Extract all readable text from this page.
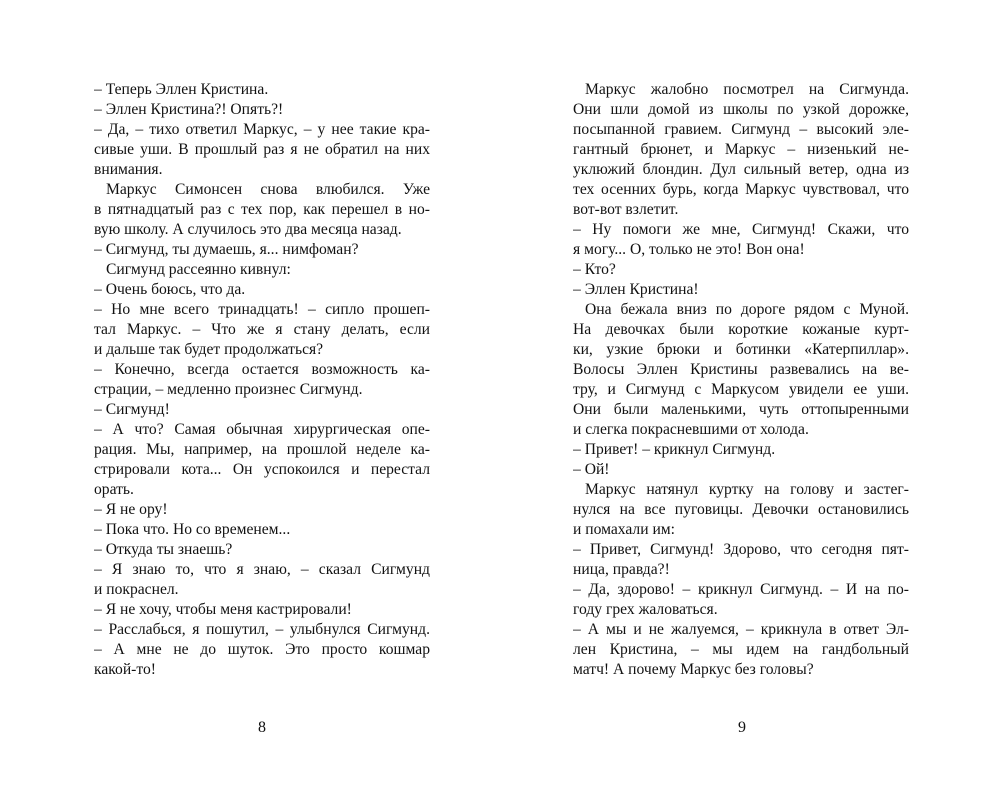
– Теперь Эллен Кристина.
– Эллен Кристина?! Опять?!
– Да, – тихо ответил Маркус, – у нее такие кра-
сивые уши. В прошлый раз я не обратил на них
внимания.
Маркус Симонсен снова влюбился. Уже
в пятнадцатый раз с тех пор, как перешел в но-
вую школу. А случилось это два месяца назад.
– Сигмунд, ты думаешь, я... нимфоман?
Сигмунд рассеянно кивнул:
– Очень боюсь, что да.
– Но мне всего тринадцать! – сипло прошеп-
тал Маркус. – Что же я стану делать, если
и дальше так будет продолжаться?
– Конечно, всегда остается возможность ка-
страции, – медленно произнес Сигмунд.
– Сигмунд!
– А что? Самая обычная хирургическая опе-
рация. Мы, например, на прошлой неделе ка-
стрировали кота... Он успокоился и перестал
орать.
– Я не ору!
– Пока что. Но со временем...
– Откуда ты знаешь?
– Я знаю то, что я знаю, – сказал Сигмунд
и покраснел.
– Я не хочу, чтобы меня кастрировали!
– Расслабься, я пошутил, – улыбнулся Сигмунд.
– А мне не до шуток. Это просто кошмар
какой-то!
8
Маркус жалобно посмотрел на Сигмунда.
Они шли домой из школы по узкой дорожке,
посыпанной гравием. Сигмунд – высокий эле-
гантный брюнет, и Маркус – низенький не-
уклюжий блондин. Дул сильный ветер, одна из
тех осенних бурь, когда Маркус чувствовал, что
вот-вот взлетит.
– Ну помоги же мне, Сигмунд! Скажи, что
я могу... О, только не это! Вон она!
– Кто?
– Эллен Кристина!
Она бежала вниз по дороге рядом с Муной.
На девочках были короткие кожаные курт-
ки, узкие брюки и ботинки «Катерпиллар».
Волосы Эллен Кристины развевались на ве-
тру, и Сигмунд с Маркусом увидели ее уши.
Они были маленькими, чуть оттопыренными
и слегка покрасневшими от холода.
– Привет! – крикнул Сигмунд.
– Ой!
Маркус натянул куртку на голову и застег-
нулся на все пуговицы. Девочки остановились
и помахали им:
– Привет, Сигмунд! Здорово, что сегодня пят-
ница, правда?!
– Да, здорово! – крикнул Сигмунд. – И на по-
году грех жаловаться.
– А мы и не жалуемся, – крикнула в ответ Эл-
лен Кристина, – мы идем на гандбольный
матч! А почему Маркус без головы?
9
